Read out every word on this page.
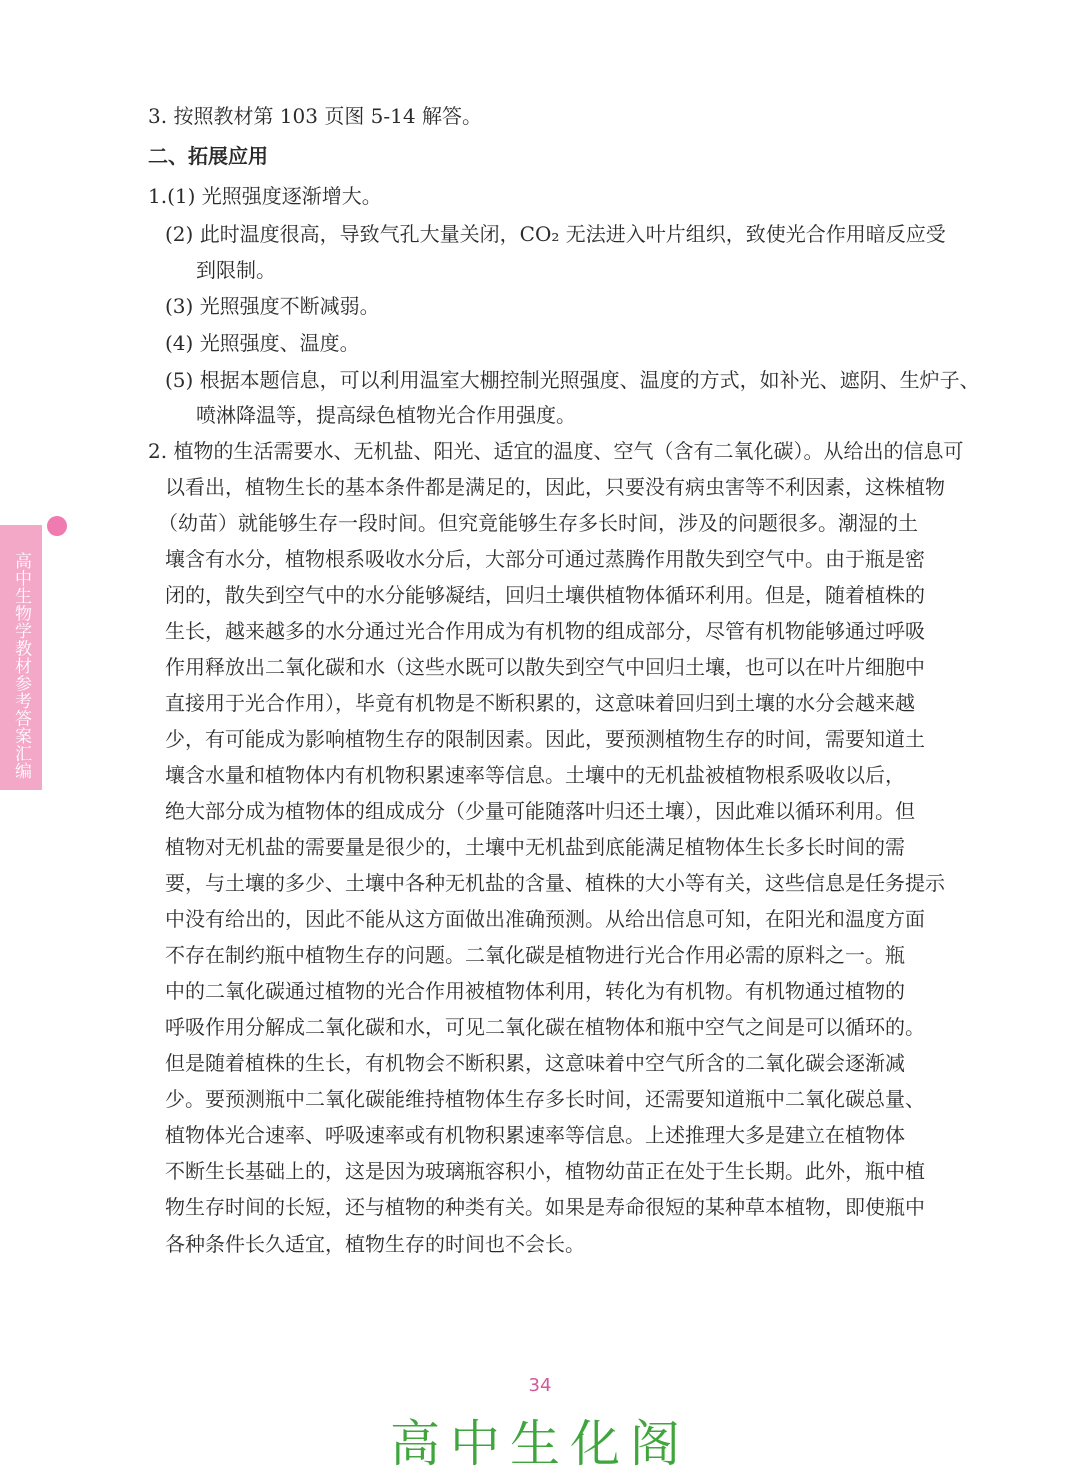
3. 按照教材第 103 页图 5-14 解答。
二、拓展应用
1.(1) 光照强度逐渐增大。
(2) 此时温度很高，导致气孔大量关闭，CO₂ 无法进入叶片组织，致使光合作用暗反应受
到限制。
(3) 光照强度不断减弱。
(4) 光照强度、温度。
(5) 根据本题信息，可以利用温室大棚控制光照强度、温度的方式，如补光、遮阴、生炉子、
喷淋降温等，提高绿色植物光合作用强度。
2. 植物的生活需要水、无机盐、阳光、适宜的温度、空气（含有二氧化碳）。从给出的信息可
以看出，植物生长的基本条件都是满足的，因此，只要没有病虫害等不利因素，这株植物
（幼苗）就能够生存一段时间。但究竟能够生存多长时间，涉及的问题很多。潮湿的土
壤含有水分，植物根系吸收水分后，大部分可通过蒸腾作用散失到空气中。由于瓶是密
闭的，散失到空气中的水分能够凝结，回归土壤供植物体循环利用。但是，随着植株的
生长，越来越多的水分通过光合作用成为有机物的组成部分，尽管有机物能够通过呼吸
作用释放出二氧化碳和水（这些水既可以散失到空气中回归土壤，也可以在叶片细胞中
直接用于光合作用），毕竟有机物是不断积累的，这意味着回归到土壤的水分会越来越
少，有可能成为影响植物生存的限制因素。因此，要预测植物生存的时间，需要知道土
壤含水量和植物体内有机物积累速率等信息。土壤中的无机盐被植物根系吸收以后，
绝大部分成为植物体的组成成分（少量可能随落叶归还土壤），因此难以循环利用。但
植物对无机盐的需要量是很少的，土壤中无机盐到底能满足植物体生长多长时间的需
要，与土壤的多少、土壤中各种无机盐的含量、植株的大小等有关，这些信息是任务提示
中没有给出的，因此不能从这方面做出准确预测。从给出信息可知，在阳光和温度方面
不存在制约瓶中植物生存的问题。二氧化碳是植物进行光合作用必需的原料之一。瓶
中的二氧化碳通过植物的光合作用被植物体利用，转化为有机物。有机物通过植物的
呼吸作用分解成二氧化碳和水，可见二氧化碳在植物体和瓶中空气之间是可以循环的。
但是随着植株的生长，有机物会不断积累，这意味着中空气所含的二氧化碳会逐渐减
少。要预测瓶中二氧化碳能维持植物体生存多长时间，还需要知道瓶中二氧化碳总量、
植物体光合速率、呼吸速率或有机物积累速率等信息。上述推理大多是建立在植物体
不断生长基础上的，这是因为玻璃瓶容积小，植物幼苗正在处于生长期。此外，瓶中植
物生存时间的长短，还与植物的种类有关。如果是寿命很短的某种草本植物，即使瓶中
各种条件长久适宜，植物生存的时间也不会长。
高中生物学教材参考答案汇编
34
高中生化阁
